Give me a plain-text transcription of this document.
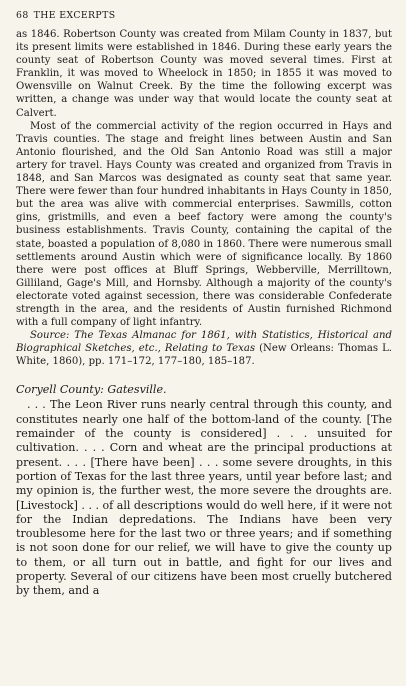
68 THE EXCERPTS

as 1846. Robertson County was created from Milam County in 1837, but its present limits were established in 1846. During these early years the county seat of Robertson County was moved several times. First at Franklin, it was moved to Wheelock in 1850; in 1855 it was moved to Owensville on Walnut Creek. By the time the following excerpt was written, a change was under way that would locate the county seat at Calvert.

Most of the commercial activity of the region occurred in Hays and Travis counties. The stage and freight lines between Austin and San Antonio flourished, and the Old San Antonio Road was still a major artery for travel. Hays County was created and organized from Travis in 1848, and San Marcos was designated as county seat that same year. There were fewer than four hundred inhabitants in Hays County in 1850, but the area was alive with commercial enterprises. Sawmills, cotton gins, gristmills, and even a beef factory were among the county's business establishments. Travis County, containing the capital of the state, boasted a population of 8,080 in 1860. There were numerous small settlements around Austin which were of significance locally. By 1860 there were post offices at Bluff Springs, Webberville, Merrilltown, Gilliland, Gage's Mill, and Hornsby. Although a majority of the county's electorate voted against secession, there was considerable Confederate strength in the area, and the residents of Austin furnished Richmond with a full company of light infantry.

Source: The Texas Almanac for 1861, with Statistics, Historical and Biographical Sketches, etc., Relating to Texas (New Orleans: Thomas L. White, 1860), pp. 171–172, 177–180, 185–187.

Coryell County: Gatesville.

. . . The Leon River runs nearly central through this county, and constitutes nearly one half of the bottom-land of the county. [The remainder of the county is considered] . . . unsuited for cultivation. . . . Corn and wheat are the principal productions at present. . . . [There have been] . . . some severe droughts, in this portion of Texas for the last three years, until year before last; and my opinion is, the further west, the more severe the droughts are. [Livestock] . . . of all descriptions would do well here, if it were not for the Indian depredations. The Indians have been very troublesome here for the last two or three years; and if something is not soon done for our relief, we will have to give the county up to them, or all turn out in battle, and fight for our lives and property. Several of our citizens have been most cruelly butchered by them, and a
